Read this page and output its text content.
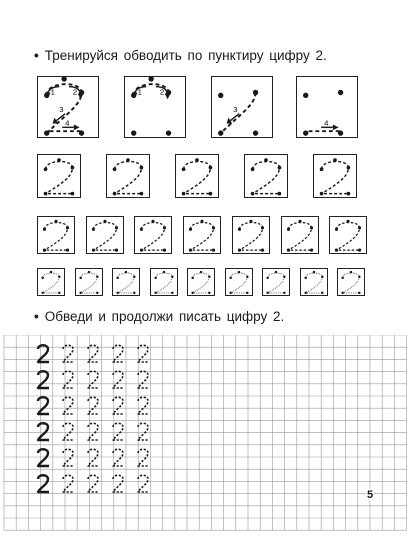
• Тренируйся обводить по пунктиру цифру 2.
1 2
3
4
1 2
3
4
• Обведи и продолжи писать цифру 2.
5
